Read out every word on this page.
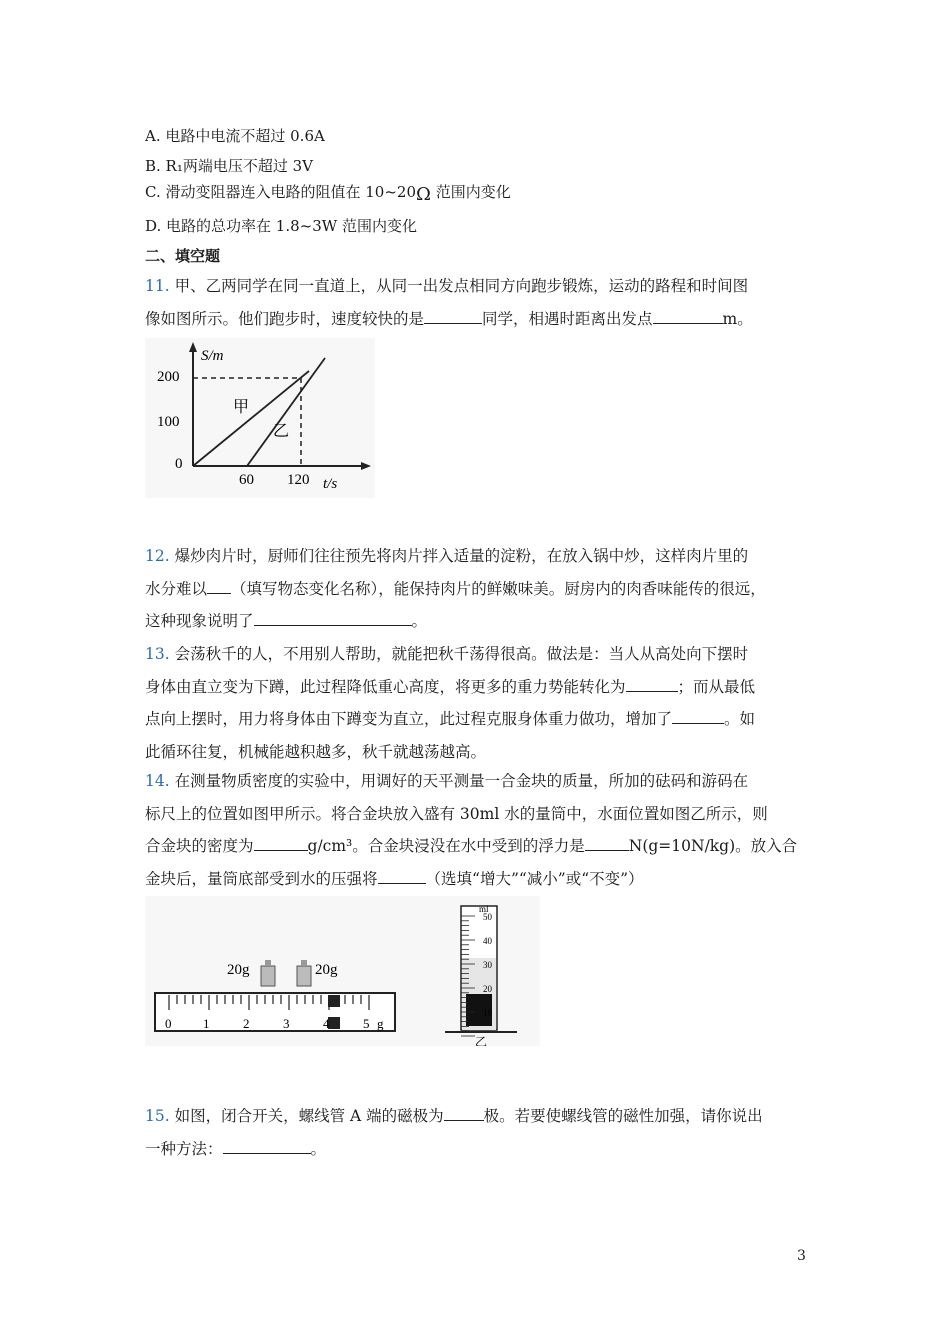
A. 电路中电流不超过 0.6A
B. R₁两端电压不超过 3V
C. 滑动变阻器连入电路的阻值在 10~20Ω 范围内变化
D. 电路的总功率在 1.8~3W 范围内变化
二、填空题
11. 甲、乙两同学在同一直道上，从同一出发点相同方向跑步锻炼，运动的路程和时间图
像如图所示。他们跑步时，速度较快的是	同学，相遇时距离出发点	m。
S/m
t/s
200
100
0
60 120
甲
乙
12. 爆炒肉片时，厨师们往往预先将肉片拌入适量的淀粉，在放入锅中炒，这样肉片里的
水分难以 （填写物态变化名称），能保持肉片的鲜嫩味美。厨房内的肉香味能传的很远，
这种现象说明了	。
13. 会荡秋千的人，不用别人帮助，就能把秋千荡得很高。做法是：当人从高处向下摆时
身体由直立变为下蹲，此过程降低重心高度，将更多的重力势能转化为	；而从最低
点向上摆时，用力将身体由下蹲变为直立，此过程克服身体重力做功，增加了	。如
此循环往复，机械能越积越多，秋千就越荡越高。
14. 在测量物质密度的实验中，用调好的天平测量一合金块的质量，所加的砝码和游码在
标尺上的位置如图甲所示。将合金块放入盛有 30ml 水的量筒中，水面位置如图乙所示，则
合金块的密度为	g/cm³。合金块浸没在水中受到的浮力是	N(g=10N/kg)。放入合
金块后，量筒底部受到水的压强将	（选填“增大”“减小”或“不变”）
20g	20g
0 1	2	3	4	5 g
ml
50
40
30
20
10
乙
15. 如图，闭合开关，螺线管 A 端的磁极为	极。若要使螺线管的磁性加强，请你说出
一种方法：	。
3
